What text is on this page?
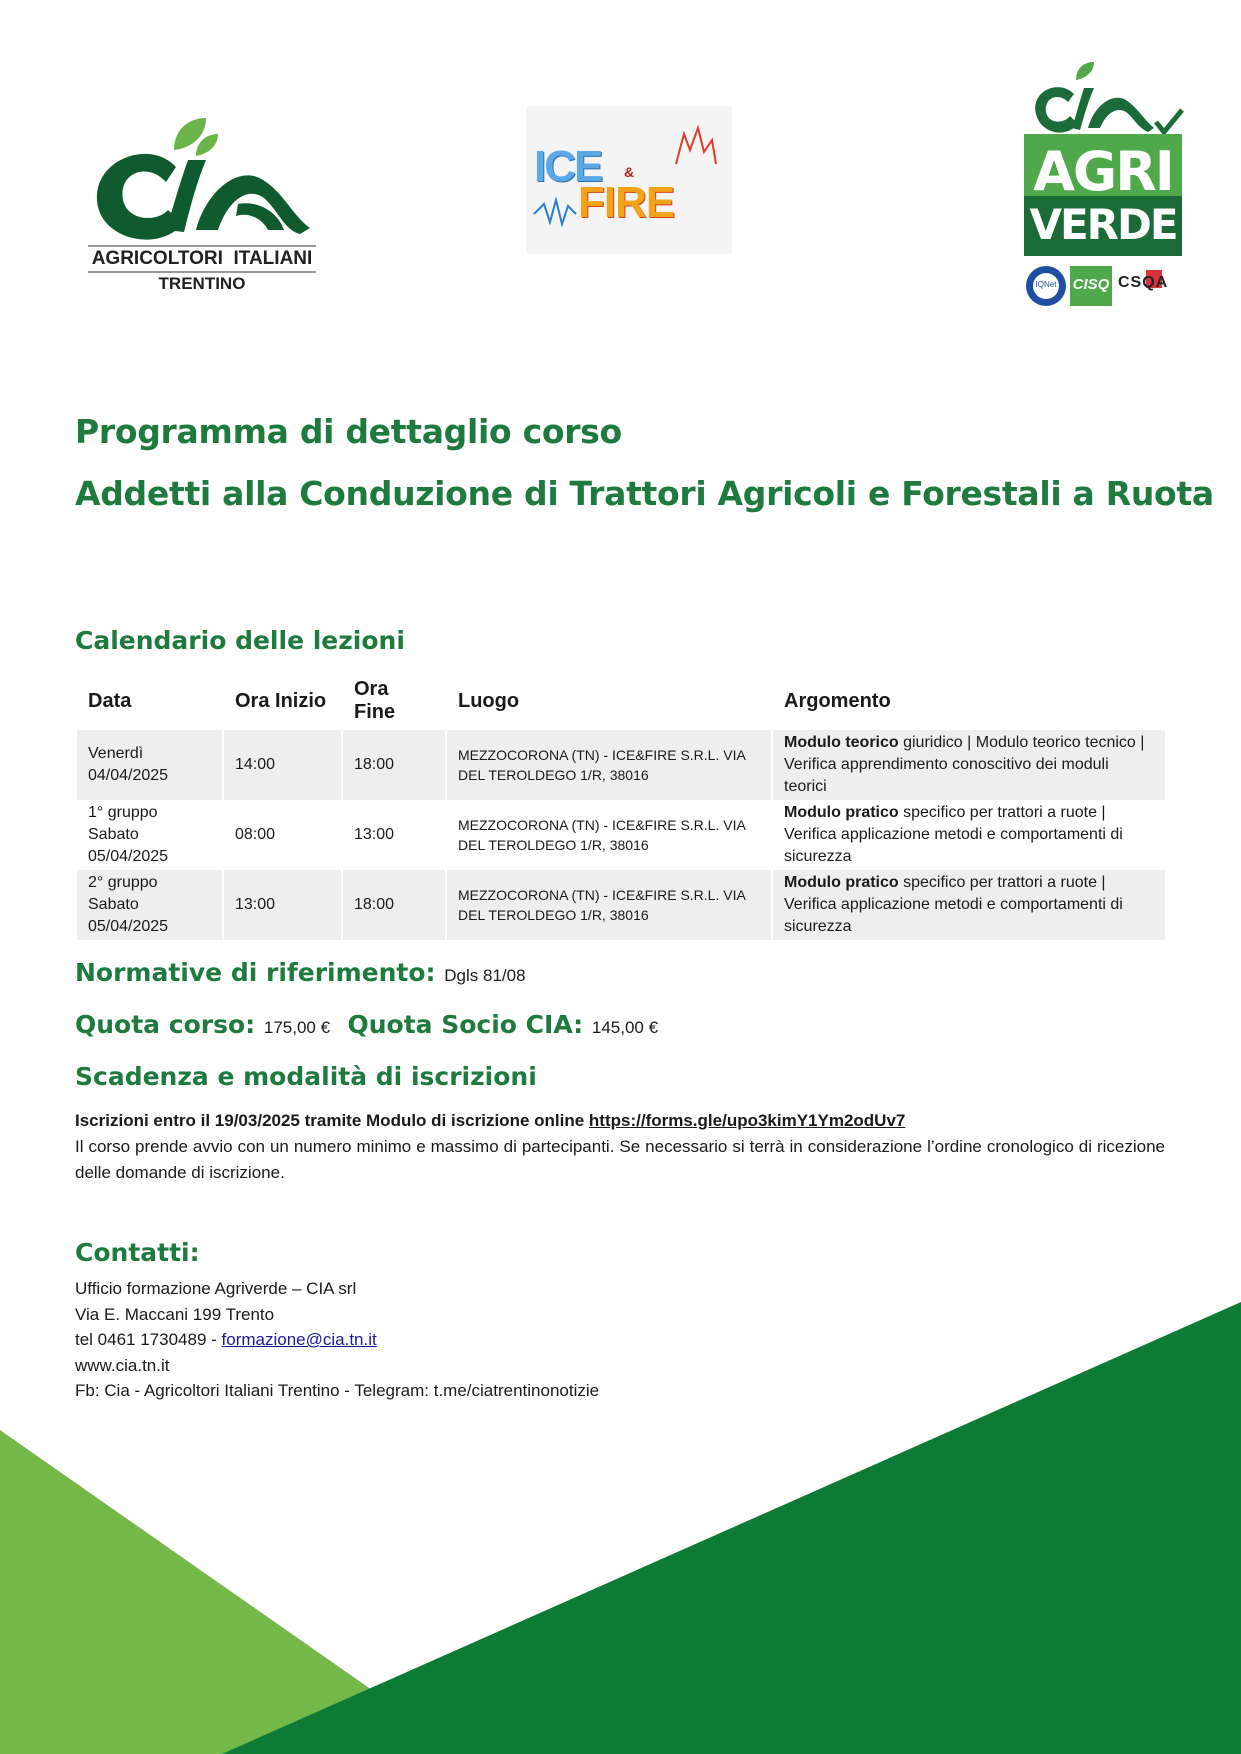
AGRICOLTORI  ITALIANI
TRENTINO
ICE &
FIRE	AGRI
VERDE
IQNet	CISQ CSQA
Programma di dettaglio corso
Addetti alla Conduzione di Trattori Agricoli e Forestali a Ruota
Calendario delle lezioni
Data	Ora Inizio	Ora Fine	Luogo	Argomento

Venerdì
04/04/2025	14:00	18:00	MEZZOCORONA (TN) - ICE&FIRE S.R.L. VIA DEL TEROLDEGO 1/R, 38016	Modulo teorico giuridico | Modulo teorico tecnico | Verifica apprendimento conoscitivo dei moduli teorici

1° gruppo
Sabato
05/04/2025	08:00	13:00	MEZZOCORONA (TN) - ICE&FIRE S.R.L. VIA DEL TEROLDEGO 1/R, 38016	Modulo pratico specifico per trattori a ruote | Verifica applicazione metodi e comportamenti di sicurezza

2° gruppo
Sabato
05/04/2025	13:00	18:00	MEZZOCORONA (TN) - ICE&FIRE S.R.L. VIA DEL TEROLDEGO 1/R, 38016	Modulo pratico specifico per trattori a ruote | Verifica applicazione metodi e comportamenti di sicurezza
Normative di riferimento: Dgls 81/08
Quota corso: 175,00 € Quota Socio CIA: 145,00 €
Scadenza e modalità di iscrizioni

Iscrizioni entro il 19/03/2025 tramite Modulo di iscrizione online https://forms.gle/upo3kimY1Ym2odUv7

Il corso prende avvio con un numero minimo e massimo di partecipanti. Se necessario si terrà in considerazione l’ordine cronologico di ricezione delle domande di iscrizione.

Contatti:
Ufficio formazione Agriverde – CIA srl
Via E. Maccani 199 Trento
tel 0461 1730489 - formazione@cia.tn.it
www.cia.tn.it
Fb: Cia - Agricoltori Italiani Trentino - Telegram: t.me/ciatrentinonotizie
